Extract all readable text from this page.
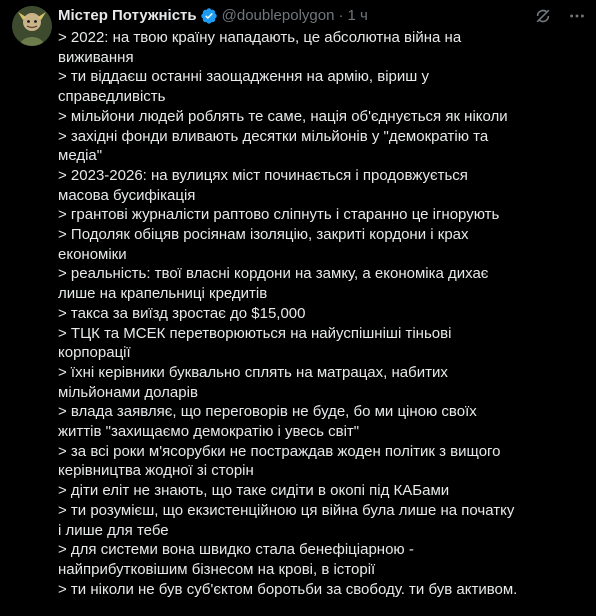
Містер Потужність @doublepolygon · 1 ч
> 2022: на твою країну нападають, це абсолютна війна на
виживання
> ти віддаєш останні заощадження на армію, віриш у
справедливість
> мільйони людей роблять те саме, нація об'єднується як ніколи
> західні фонди вливають десятки мільйонів у "демократію та
медіа"
> 2023-2026: на вулицях міст починається і продовжується
масова бусифікація
> грантові журналісти раптово сліпнуть і старанно це ігнорують
> Подоляк обіцяв росіянам ізоляцію, закриті кордони і крах
економіки
> реальність: твої власні кордони на замку, а економіка дихає
лише на крапельниці кредитів
> такса за виїзд зростає до $15,000
> ТЦК та МСЕК перетворюються на найуспішніші тіньові
корпорації
> їхні керівники буквально сплять на матрацах, набитих
мільйонами доларів
> влада заявляє, що переговорів не буде, бо ми ціною своїх
життів "захищаємо демократію і увесь світ"
> за всі роки м'ясорубки не постраждав жоден політик з вищого
керівництва жодної зі сторін
> діти еліт не знають, що таке сидіти в окопі під КАБами
> ти розумієш, що екзистенційною ця війна була лише на початку
і лише для тебе
> для системи вона швидко стала бенефіціарною -
найприбутковішим бізнесом на крові, в історії
> ти ніколи не був суб'єктом боротьби за свободу. ти був активом.
